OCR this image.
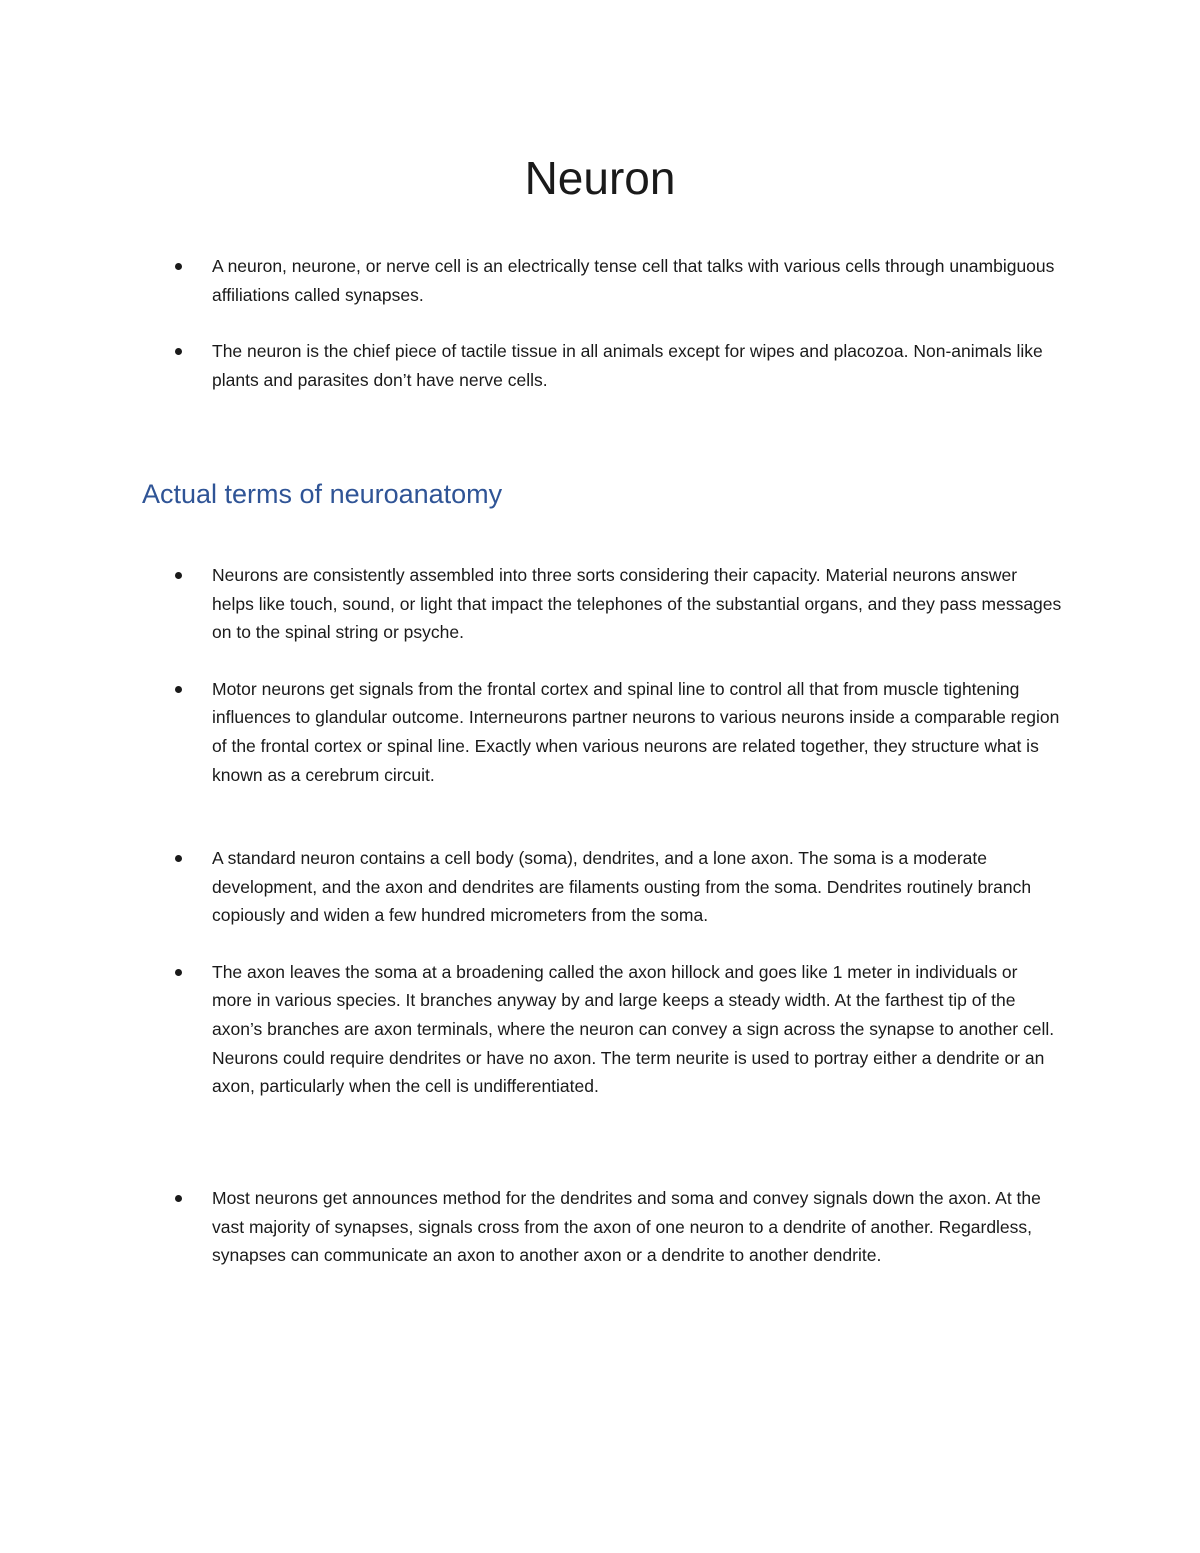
Neuron
A neuron, neurone, or nerve cell is an electrically tense cell that talks with various cells through unambiguous affiliations called synapses.
The neuron is the chief piece of tactile tissue in all animals except for wipes and placozoa. Non-animals like plants and parasites don’t have nerve cells.
Actual terms of neuroanatomy
Neurons are consistently assembled into three sorts considering their capacity. Material neurons answer helps like touch, sound, or light that impact the telephones of the substantial organs, and they pass messages on to the spinal string or psyche.
Motor neurons get signals from the frontal cortex and spinal line to control all that from muscle tightening influences to glandular outcome. Interneurons partner neurons to various neurons inside a comparable region of the frontal cortex or spinal line. Exactly when various neurons are related together, they structure what is known as a cerebrum circuit.
A standard neuron contains a cell body (soma), dendrites, and a lone axon. The soma is a moderate development, and the axon and dendrites are filaments ousting from the soma. Dendrites routinely branch copiously and widen a few hundred micrometers from the soma.
The axon leaves the soma at a broadening called the axon hillock and goes like 1 meter in individuals or more in various species. It branches anyway by and large keeps a steady width. At the farthest tip of the axon’s branches are axon terminals, where the neuron can convey a sign across the synapse to another cell. Neurons could require dendrites or have no axon. The term neurite is used to portray either a dendrite or an axon, particularly when the cell is undifferentiated.
Most neurons get announces method for the dendrites and soma and convey signals down the axon. At the vast majority of synapses, signals cross from the axon of one neuron to a dendrite of another. Regardless, synapses can communicate an axon to another axon or a dendrite to another dendrite.
